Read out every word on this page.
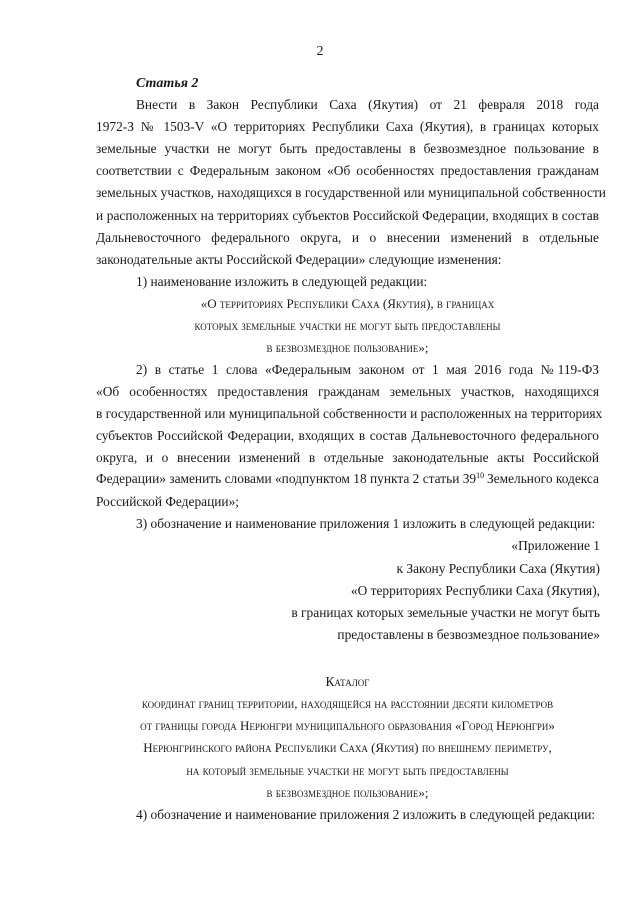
2
Статья 2
Внести в Закон Республики Саха (Якутия) от 21 февраля 2018 года
1972-З № 1503-V «О территориях Республики Саха (Якутия), в границах которых
земельные участки не могут быть предоставлены в безвозмездное пользование в
соответствии с Федеральным законом «Об особенностях предоставления гражданам
земельных участков, находящихся в государственной или муниципальной собственности
и расположенных на территориях субъектов Российской Федерации, входящих в состав
Дальневосточного федерального округа, и о внесении изменений в отдельные
законодательные акты Российской Федерации» следующие изменения:
1) наименование изложить в следующей редакции:
«О территориях Республики Саха (Якутия), в границах
которых земельные участки не могут быть предоставлены
в безвозмездное пользование»;
2) в статье 1 слова «Федеральным законом от 1 мая 2016 года №119-ФЗ
«Об особенностях предоставления гражданам земельных участков, находящихся
в государственной или муниципальной собственности и расположенных на территориях
субъектов Российской Федерации, входящих в состав Дальневосточного федерального
округа, и о внесении изменений в отдельные законодательные акты Российской
Федерации» заменить словами «подпунктом 18 пункта 2 статьи 39 10 Земельного кодекса
Российской Федерации»;
3) обозначение и наименование приложения 1 изложить в следующей редакции:
«Приложение 1
к Закону Республики Саха (Якутия)
«О территориях Республики Саха (Якутия),
в границах которых земельные участки не могут быть
предоставлены в безвозмездное пользование»
Каталог
координат границ территории, находящейся на расстоянии десяти километров
от границы города Нерюнгри муниципального образования «Город Нерюнгри»
Нерюнгринского района Республики Саха (Якутия) по внешнему периметру,
на который земельные участки не могут быть предоставлены
в безвозмездное пользование»;
4) обозначение и наименование приложения 2 изложить в следующей редакции:
